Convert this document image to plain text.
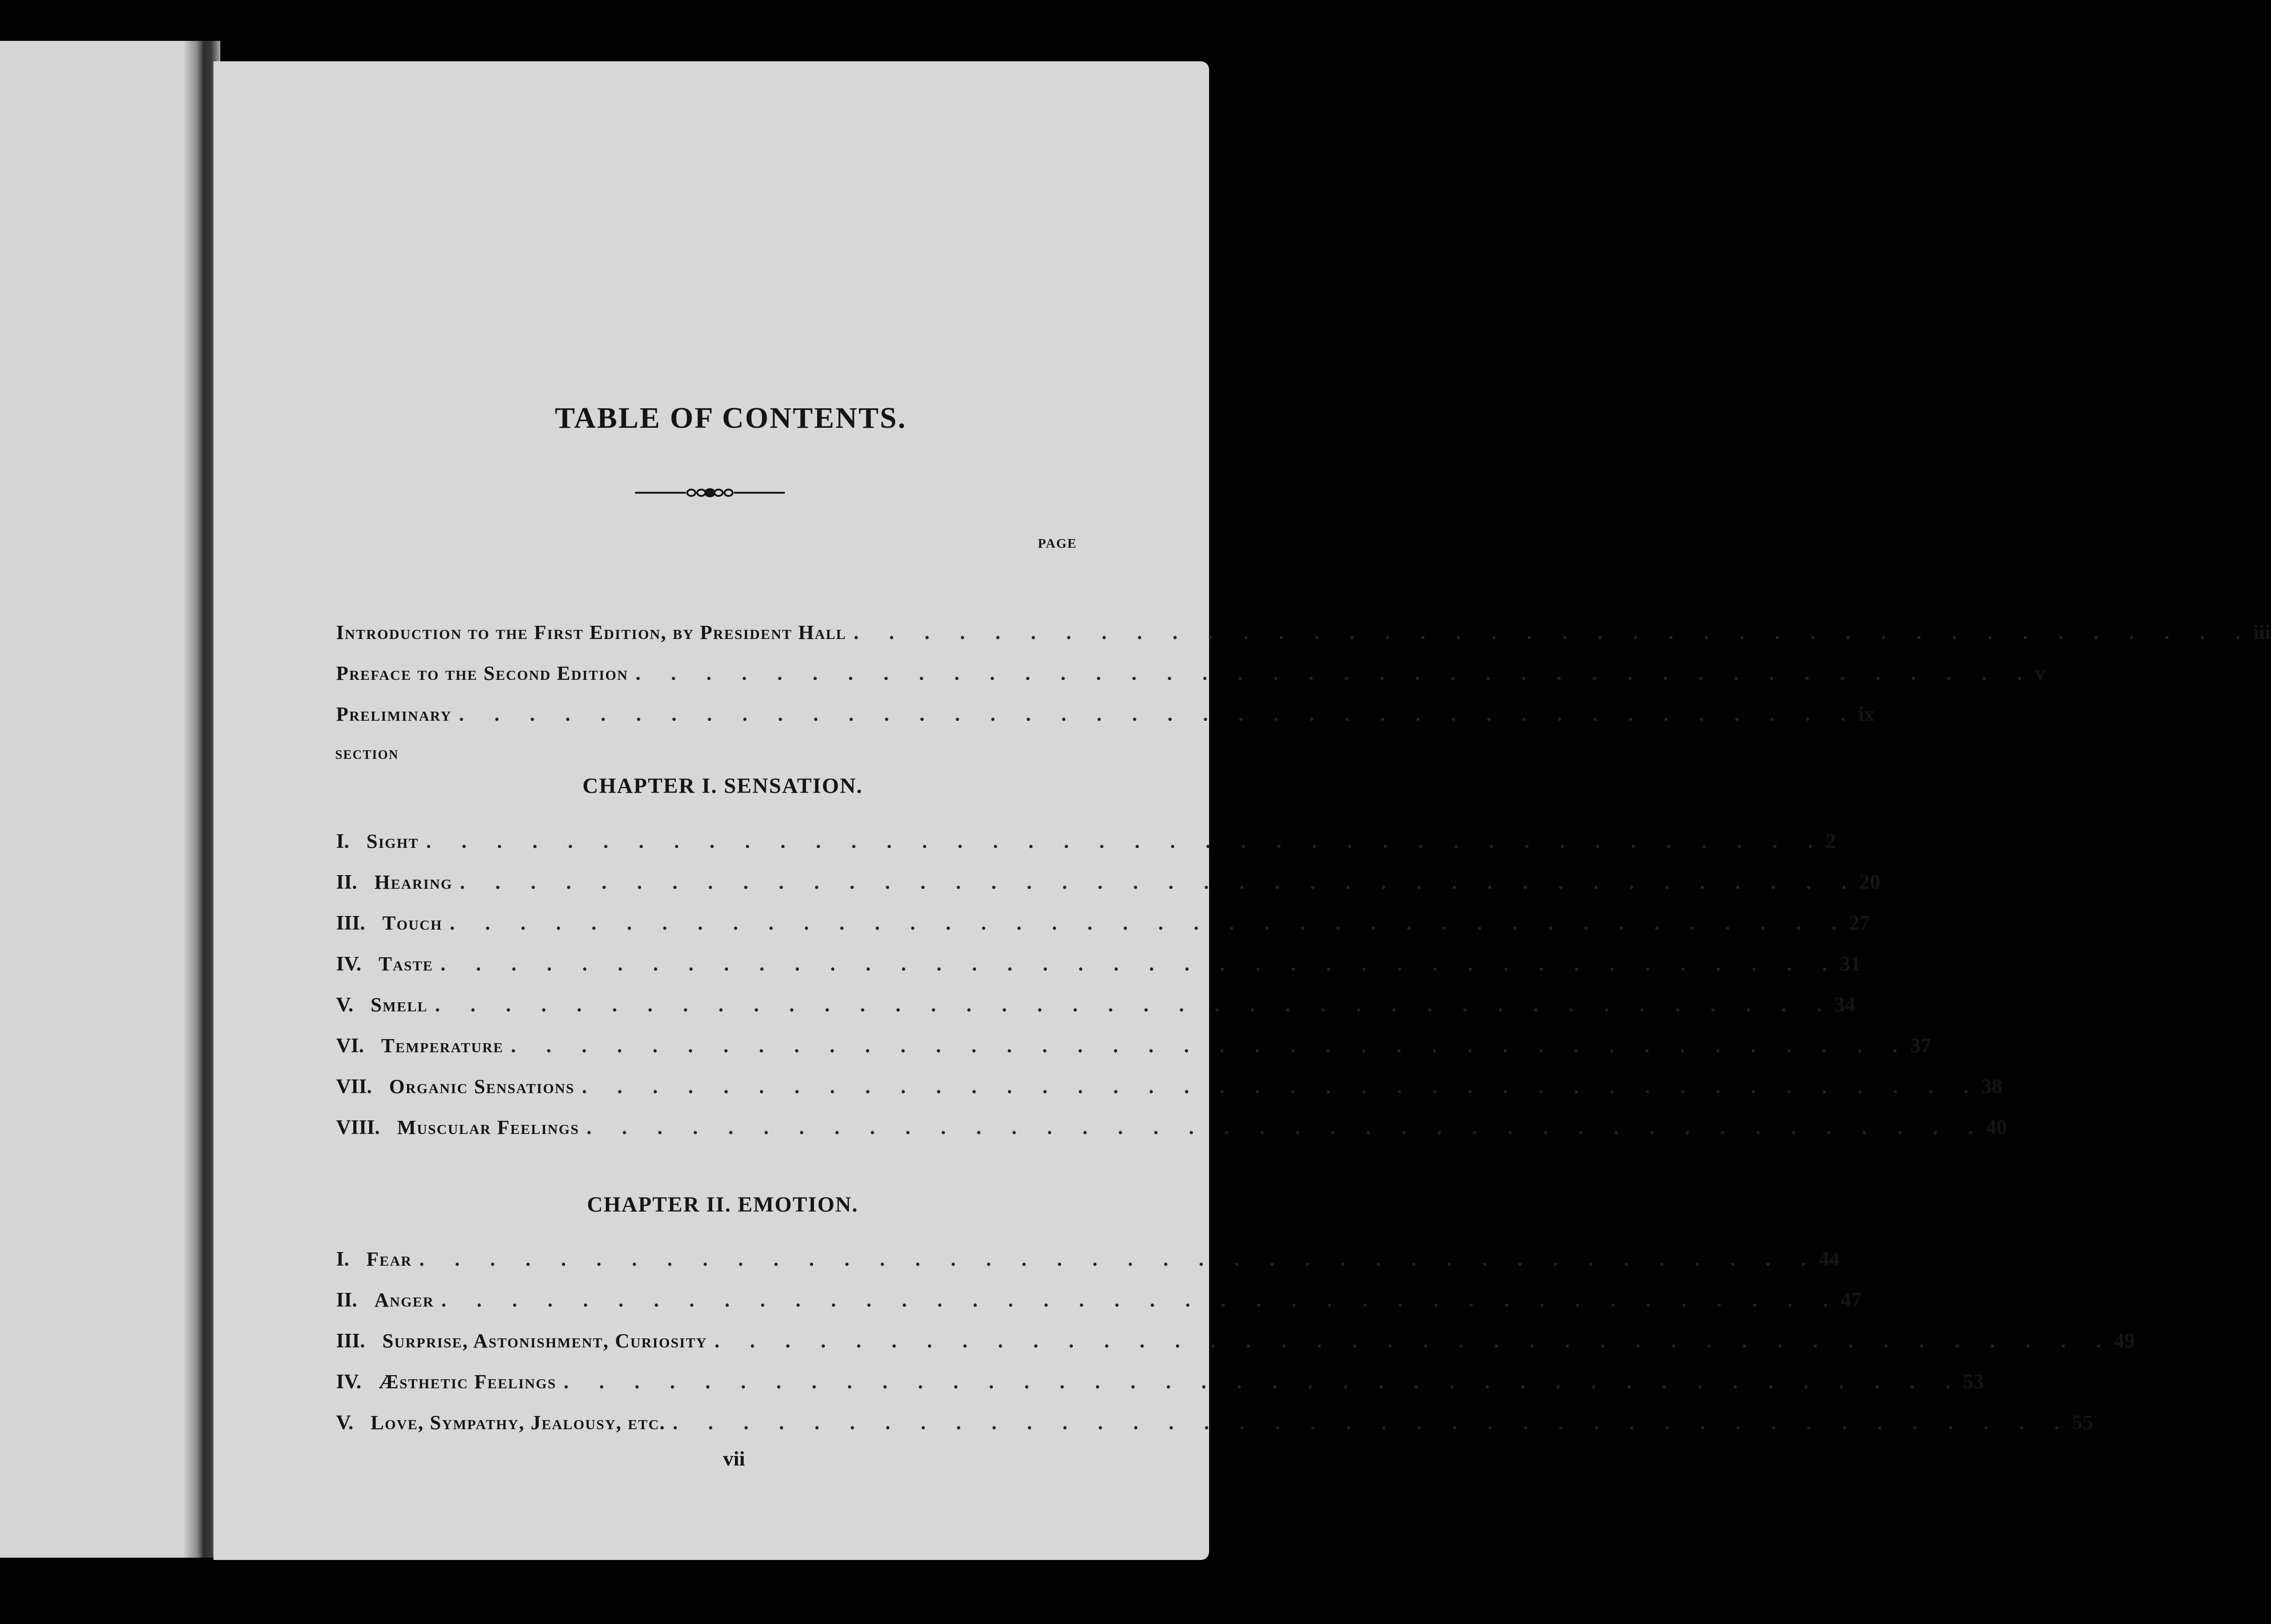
TABLE OF CONTENTS.
PAGE
Introduction to the First Edition, by President Hall . . . . . . . . . . . . . . . . . . . . . . . . . . . . . . . . . . . . . . . . iii
Preface to the Second Edition . . . . . . . . . . . . . . . . . . . . . . . . . . . . . . . . . . . . . . . . v
Preliminary . . . . . . . . . . . . . . . . . . . . . . . . . . . . . . . . . . . . . . . . ix
CHAPTER I. SENSATION.
SECTION
I. Sight . . . . . . . . . . . . . . . . . . . . . . . . . . . . . . . . . . . . . . . . 2
II. Hearing . . . . . . . . . . . . . . . . . . . . . . . . . . . . . . . . . . . . . . . . 20
III. Touch . . . . . . . . . . . . . . . . . . . . . . . . . . . . . . . . . . . . . . . . 27
IV. Taste . . . . . . . . . . . . . . . . . . . . . . . . . . . . . . . . . . . . . . . . 31
V. Smell . . . . . . . . . . . . . . . . . . . . . . . . . . . . . . . . . . . . . . . . 34
VI. Temperature . . . . . . . . . . . . . . . . . . . . . . . . . . . . . . . . . . . . . . . . 37
VII. Organic Sensations . . . . . . . . . . . . . . . . . . . . . . . . . . . . . . . . . . . . . . . . 38
VIII. Muscular Feelings . . . . . . . . . . . . . . . . . . . . . . . . . . . . . . . . . . . . . . . . 40
CHAPTER II. EMOTION.
I. Fear . . . . . . . . . . . . . . . . . . . . . . . . . . . . . . . . . . . . . . . . 44
II. Anger . . . . . . . . . . . . . . . . . . . . . . . . . . . . . . . . . . . . . . . . 47
III. Surprise, Astonishment, Curiosity . . . . . . . . . . . . . . . . . . . . . . . . . . . . . . . . . . . . . . . . 49
IV. Æsthetic Feelings . . . . . . . . . . . . . . . . . . . . . . . . . . . . . . . . . . . . . . . . 53
V. Love, Sympathy, Jealousy, etc. . . . . . . . . . . . . . . . . . . . . . . . . . . . . . . . . . . . . . . . . 55
vii
